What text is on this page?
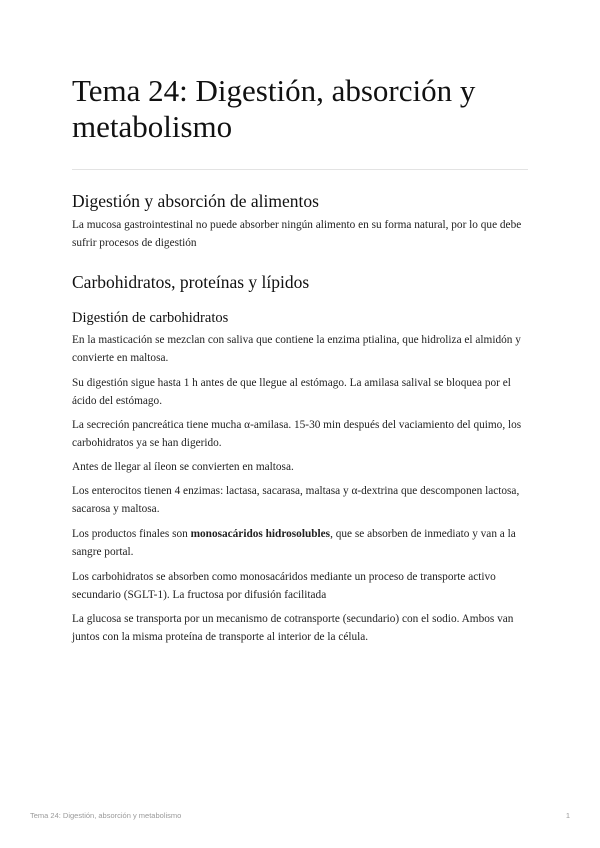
Tema 24: Digestión, absorción y metabolismo
Digestión y absorción de alimentos

La mucosa gastrointestinal no puede absorber ningún alimento en su forma natural, por lo que debe sufrir procesos de digestión

Carbohidratos, proteínas y lípidos
Digestión de carbohidratos

En la masticación se mezclan con saliva que contiene la enzima ptialina, que hidroliza el almidón y convierte en maltosa.

Su digestión sigue hasta 1 h antes de que llegue al estómago. La amilasa salival se bloquea por el ácido del estómago.

La secreción pancreática tiene mucha α-amilasa. 15-30 min después del vaciamiento del quimo, los carbohidratos ya se han digerido.

Antes de llegar al íleon se convierten en maltosa.

Los enterocitos tienen 4 enzimas: lactasa, sacarasa, maltasa y α-dextrina que descomponen lactosa, sacarosa y maltosa.

Los productos finales son monosacáridos hidrosolubles, que se absorben de inmediato y van a la sangre portal.

Los carbohidratos se absorben como monosacáridos mediante un proceso de transporte activo secundario (SGLT-1). La fructosa por difusión facilitada

La glucosa se transporta por un mecanismo de cotransporte (secundario) con el sodio. Ambos van juntos con la misma proteína de transporte al interior de la célula.

Tema 24: Digestión, absorción y metabolismo	1
